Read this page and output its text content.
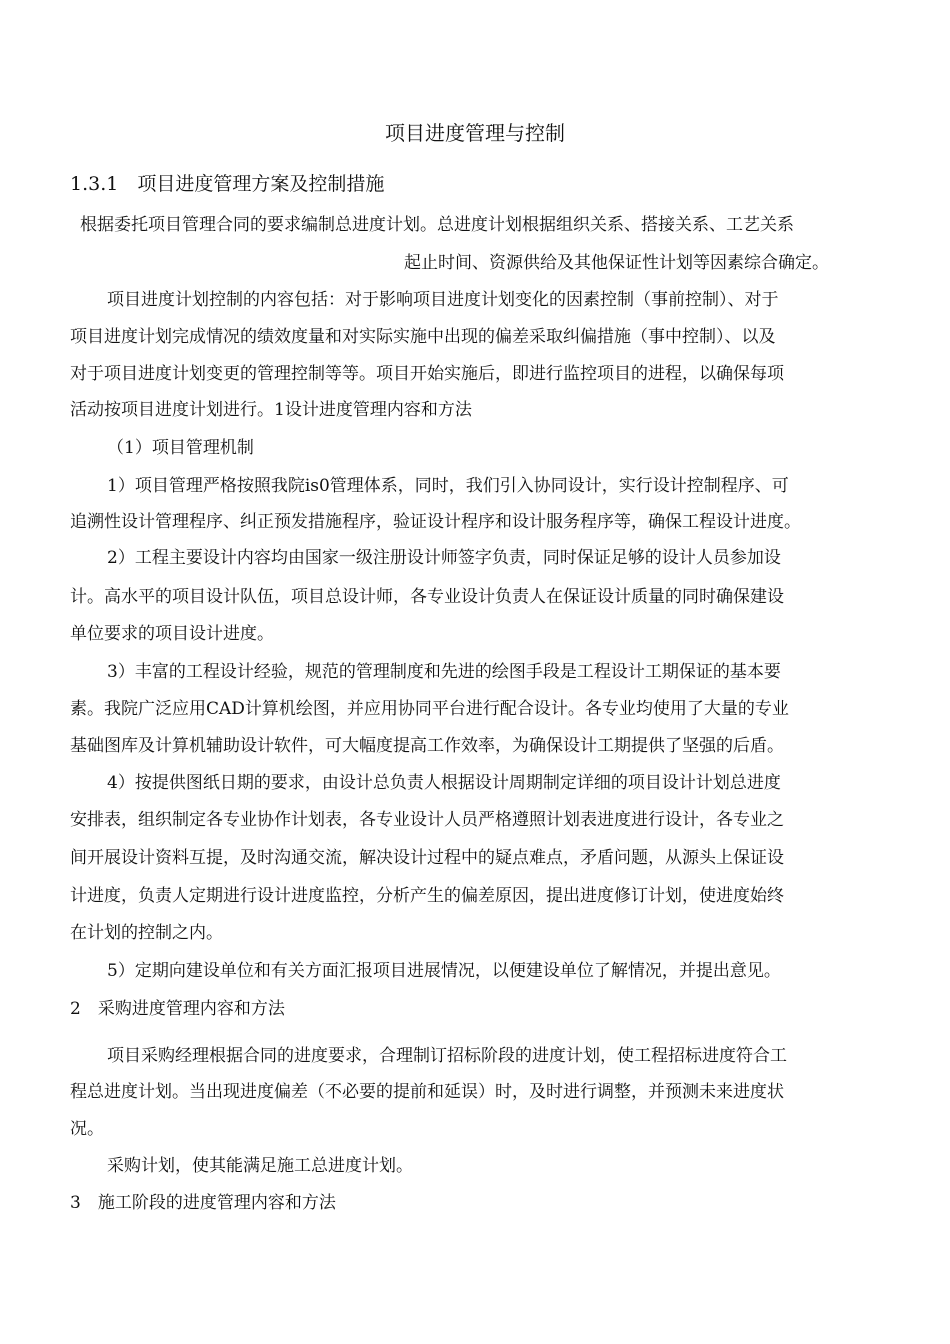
项目进度管理与控制
1.3.1　项目进度管理方案及控制措施
根据委托项目管理合同的要求编制总进度计划。总进度计划根据组织关系、搭接关系、工艺关系
起止时间、资源供给及其他保证性计划等因素综合确定。
项目进度计划控制的内容包括：对于影响项目进度计划变化的因素控制（事前控制）、对于
项目进度计划完成情况的绩效度量和对实际实施中出现的偏差采取纠偏措施（事中控制）、以及
对于项目进度计划变更的管理控制等等。项目开始实施后，即进行监控项目的进程，以确保每项
活动按项目进度计划进行。1设计进度管理内容和方法
（1）项目管理机制
1）项目管理严格按照我院is0管理体系，同时，我们引入协同设计，实行设计控制程序、可
追溯性设计管理程序、纠正预发措施程序，验证设计程序和设计服务程序等，确保工程设计进度。
2）工程主要设计内容均由国家一级注册设计师签字负责，同时保证足够的设计人员参加设
计。高水平的项目设计队伍，项目总设计师，各专业设计负责人在保证设计质量的同时确保建设
单位要求的项目设计进度。
3）丰富的工程设计经验，规范的管理制度和先进的绘图手段是工程设计工期保证的基本要
素。我院广泛应用CAD计算机绘图，并应用协同平台进行配合设计。各专业均使用了大量的专业
基础图库及计算机辅助设计软件，可大幅度提高工作效率，为确保设计工期提供了坚强的后盾。
4）按提供图纸日期的要求，由设计总负责人根据设计周期制定详细的项目设计计划总进度
安排表，组织制定各专业协作计划表，各专业设计人员严格遵照计划表进度进行设计，各专业之
间开展设计资料互提，及时沟通交流，解决设计过程中的疑点难点，矛盾问题，从源头上保证设
计进度，负责人定期进行设计进度监控，分析产生的偏差原因，提出进度修订计划，使进度始终
在计划的控制之内。
5）定期向建设单位和有关方面汇报项目进展情况，以便建设单位了解情况，并提出意见。
2　采购进度管理内容和方法
项目采购经理根据合同的进度要求，合理制订招标阶段的进度计划，使工程招标进度符合工
程总进度计划。当出现进度偏差（不必要的提前和延误）时，及时进行调整，并预测未来进度状
况。
采购计划，使其能满足施工总进度计划。
3　施工阶段的进度管理内容和方法
